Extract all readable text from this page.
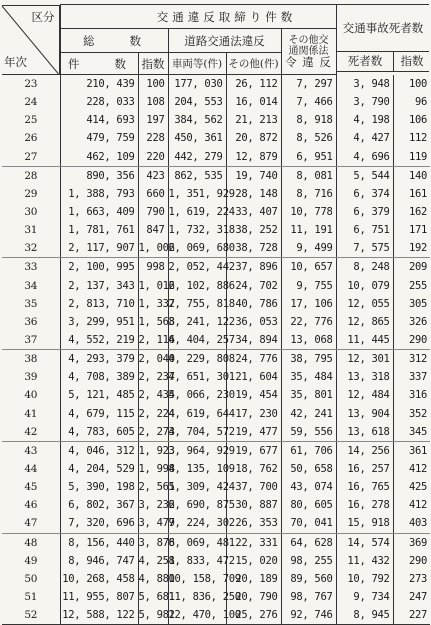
区分
年次	交通違反取締り件数					
	総　　数		道路交通法違反		その他交
通関係法
令 違 反		

	件　　数	指数	車両等(件)	その他(件)			
23	210, 439	100	177, 030	26, 112	7, 297	3, 948	100
24	228, 033	108	204, 553	16, 014	7, 466	3, 790	96
25	414, 693	197	384, 562	21, 213	8, 918	4, 198	106
26	479, 759	228	450, 361	20, 872	8, 526	4, 427	112
27	462, 109	220	442, 279	12, 879	6, 951	4, 696	119
28	890, 356	423	862, 535	19, 740	8, 081	5, 544	140
29	1, 388, 793	660	1, 351, 929	28, 148	8, 716	6, 374	161
30	1, 663, 409	790	1, 619, 224	33, 407	10, 778	6, 379	162
31	1, 781, 761	847	1, 732, 318	38, 252	11, 191	6, 751	171
32	2, 117, 907	1, 006	2, 069, 680	38, 728	9, 499	7, 575	192
33	2, 100, 995	998	2, 052, 442	37, 896	10, 657	8, 248	209
34	2, 137, 343	1, 016	2, 102, 886	24, 702	9, 755	10, 079	255
35	2, 813, 710	1, 337	2, 755, 818	40, 786	17, 106	12, 055	305
36	3, 299, 951	1, 568	3, 241, 122	36, 053	22, 776	12, 865	326
37	4, 552, 219	2, 116	4, 404, 257	34, 894	13, 068	11, 445	290
38	4, 293, 379	2, 040	4, 229, 808	24, 776	38, 795	12, 301	312
39	4, 708, 389	2, 237	4, 651, 301	21, 604	35, 484	13, 318	337
40	5, 121, 485	2, 434	5, 066, 230	19, 454	35, 801	12, 484	316
41	4, 679, 115	2, 224	4, 619, 644	17, 230	42, 241	13, 904	352
42	4, 783, 605	2, 273	4, 704, 572	19, 477	59, 556	13, 618	345
43	4, 046, 312	1, 923	3, 964, 929	19, 677	61, 706	14, 256	361
44	4, 204, 529	1, 998	4, 135, 109	18, 762	50, 658	16, 257	412
45	5, 390, 198	2, 561	5, 309, 424	37, 700	43, 074	16, 765	425
46	6, 802, 367	3, 232	6, 690, 875	30, 887	80, 605	16, 278	412
47	7, 320, 696	3, 479	7, 224, 302	26, 353	70, 041	15, 918	403
48	8, 156, 440	3, 876	8, 069, 481	22, 331	64, 628	14, 574	369
49	8, 946, 747	4, 251	8, 833, 472	15, 020	98, 255	11, 432	290
50	10, 268, 458	4, 880	10, 158, 709	20, 189	89, 560	10, 792	273
51	11, 955, 807	5, 681	11, 836, 250	20, 790	98, 767	9, 734	247
52	12, 588, 122	5, 982	12, 470, 100	25, 276	92, 746	8, 945	227
交通事故死者数
死者数	指数
